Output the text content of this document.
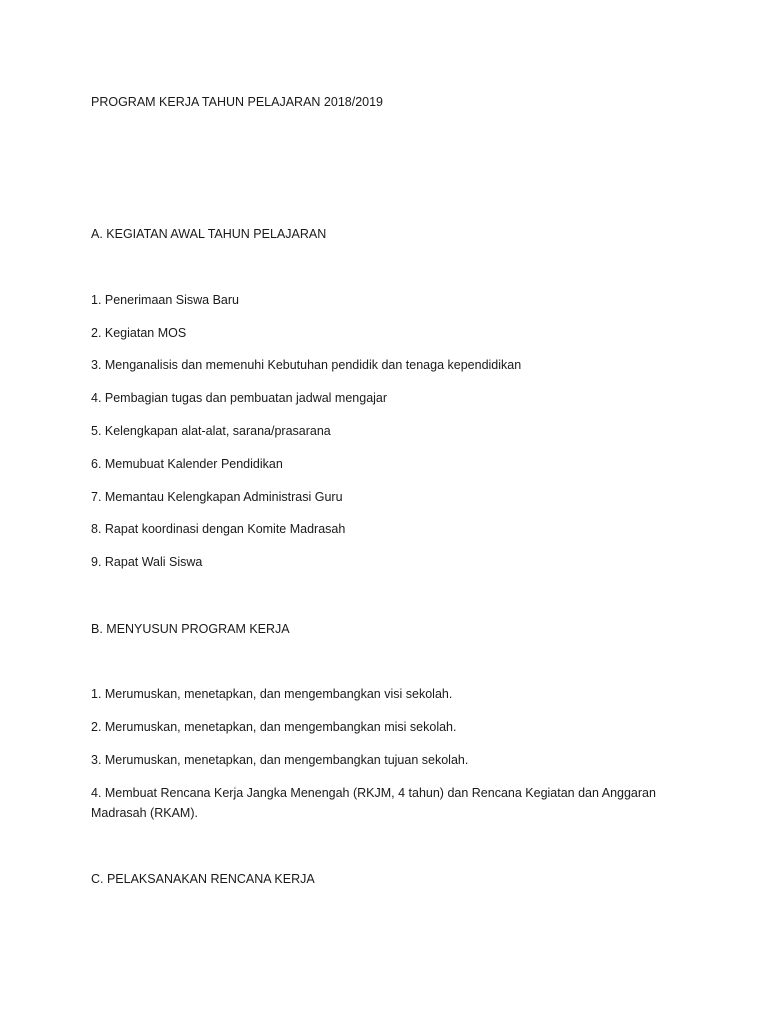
PROGRAM KERJA TAHUN PELAJARAN 2018/2019
A. KEGIATAN AWAL TAHUN PELAJARAN
1. Penerimaan Siswa Baru
2. Kegiatan MOS
3. Menganalisis dan memenuhi Kebutuhan pendidik dan tenaga kependidikan
4. Pembagian tugas dan pembuatan jadwal mengajar
5. Kelengkapan alat-alat, sarana/prasarana
6. Memubuat Kalender Pendidikan
7. Memantau Kelengkapan Administrasi Guru
8. Rapat koordinasi dengan Komite Madrasah
9. Rapat Wali Siswa
B. MENYUSUN PROGRAM KERJA
1. Merumuskan, menetapkan, dan mengembangkan visi sekolah.
2. Merumuskan, menetapkan, dan mengembangkan misi sekolah.
3. Merumuskan, menetapkan, dan mengembangkan tujuan sekolah.
4. Membuat Rencana Kerja Jangka Menengah (RKJM, 4 tahun) dan Rencana Kegiatan dan Anggaran Madrasah (RKAM).
C. PELAKSANAKAN RENCANA KERJA
